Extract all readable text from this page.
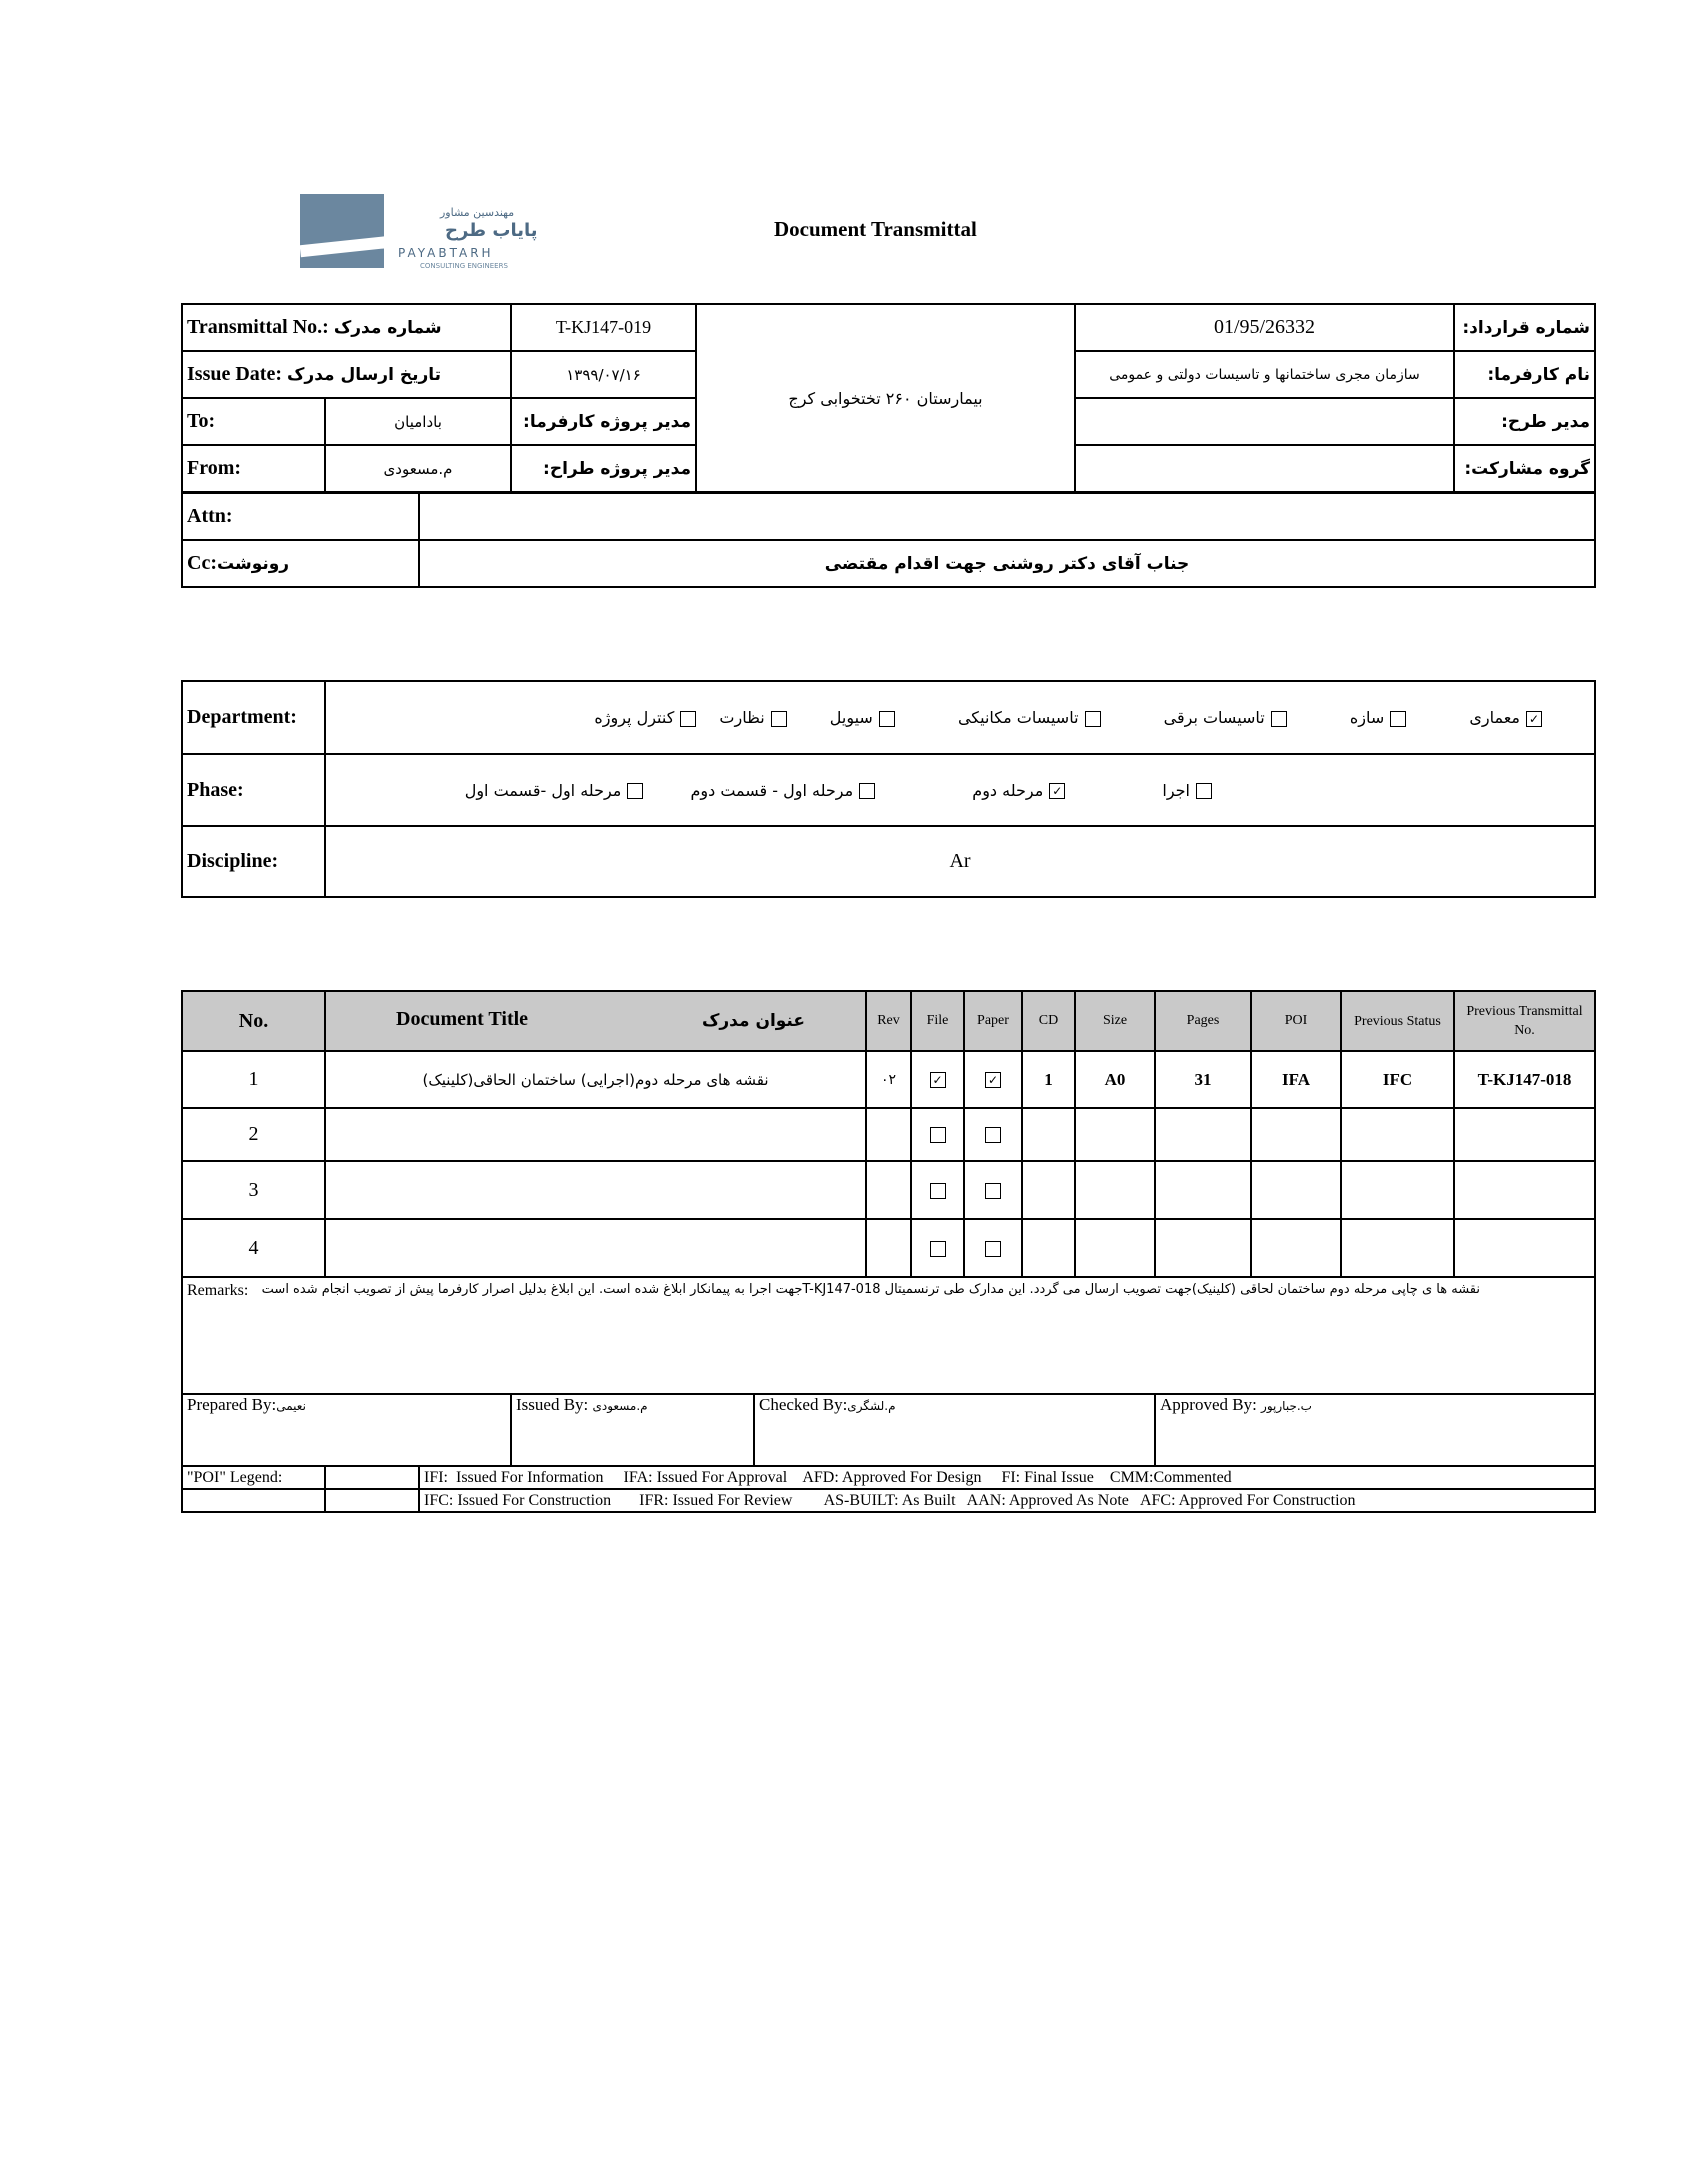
مهندسین مشاور
پایاب طرح
PAYABTARH
CONSULTING ENGINEERS
Document Transmittal
Transmittal No.: شماره مدرک		T-KJ147-019	بیمارستان ۲۶۰ تختخوابی کرج	01/95/26332	شماره قرارداد:
Issue Date: تاریخ ارسال مدرک		۱۳۹۹/۰۷/۱۶		سازمان مجری ساختمانها و تاسیسات دولتی و عمومی	نام کارفرما:
To:	بادامیان	مدیر پروژه کارفرما:			مدیر طرح:
From:	م.مسعودی	مدیر پروژه طراح:			گروه مشارکت:
Attn:	
Cc:رونوشت	جناب آقای دکتر روشنی جهت اقدام مقتضی
Department:	✓معماری سازه تاسیسات برقی تاسیسات مکانیکی سیویل نظارت کنترل پروژه
Phase:	اجرا ✓مرحله دوم مرحله اول - قسمت دوم مرحله اول -قسمت اول
Discipline:	Ar
No.	Document Title عنوان مدرک	Rev	File	Paper	CD	Size	Pages	POI	Previous Status	Previous Transmittal No.
1	نقشه های مرحله دوم(اجرایی) ساختمان الحاقی(کلینیک)	۰۲	✓	✓	1	A0	31	IFA	IFC	T-KJ147-018
2										
3										
4										
Remarks: نقشه ها ی چاپی مرحله دوم ساختمان لحاقی (کلینیک)جهت تصویب ارسال می گردد. این مدارک طی ترنسمیتال T-KJ147-018جهت اجرا به پیمانکار ابلاغ شده است. این ابلاغ بدلیل اصرار کارفرما پیش از تصویب انجام شده است										
Prepared By:نعیمی	Issued By: م.مسعودی	Checked By:م.لشگری	Approved By: ب.جبارپور
"POI" Legend:		IFI:  Issued For Information     IFA: Issued For Approval    AFD: Approved For Design     FI: Final Issue    CMM:Commented
		IFC: Issued For Construction       IFR: Issued For Review        AS-BUILT: As Built   AAN: Approved As Note   AFC: Approved For Construction
